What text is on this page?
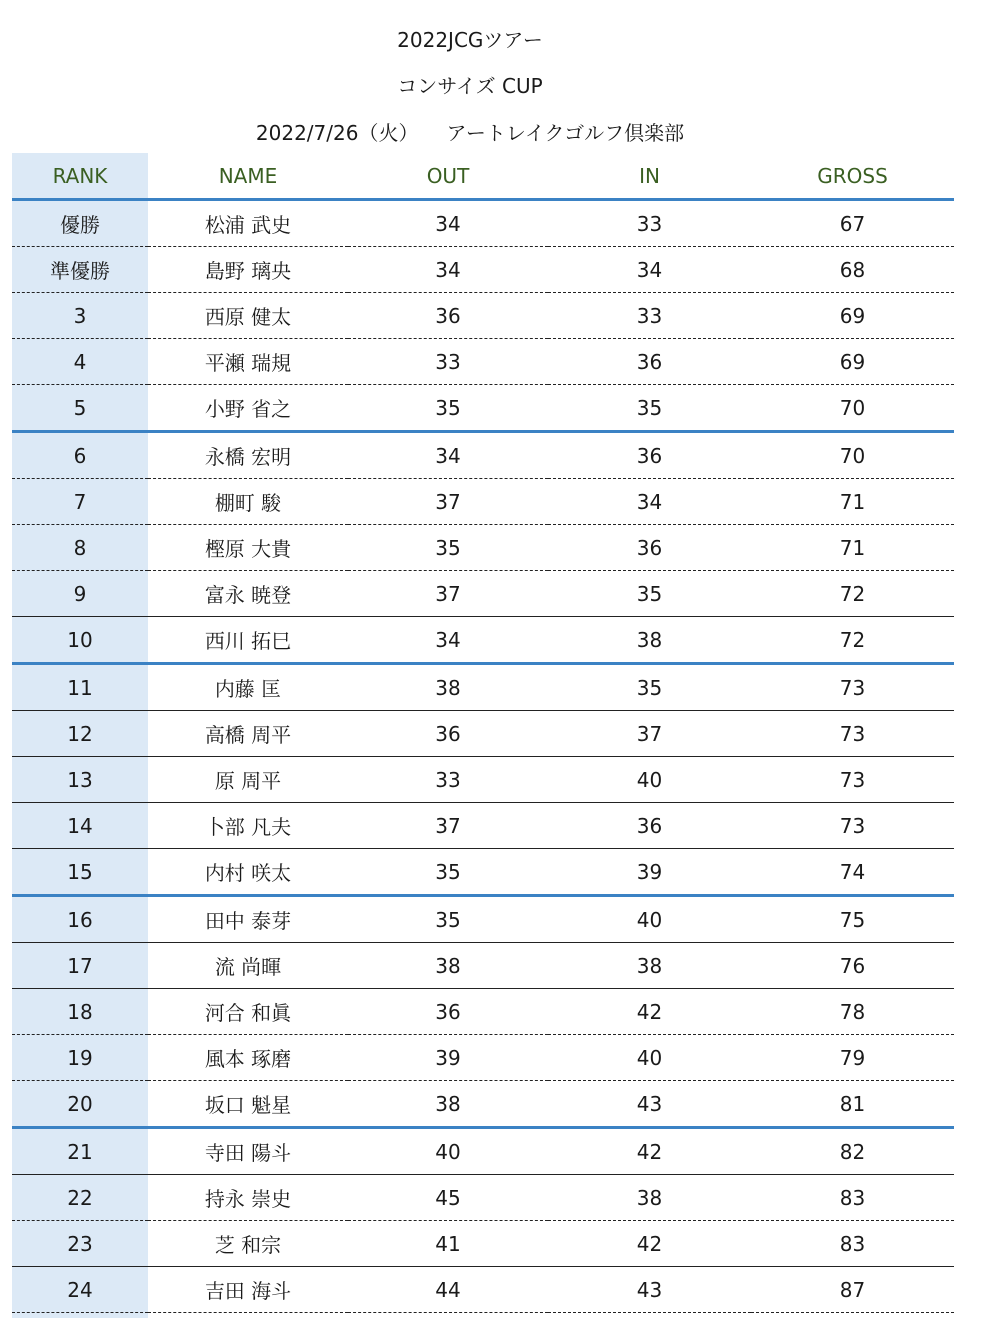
2022JCGツアー
コンサイズ CUP
2022/7/26（火） アートレイクゴルフ倶楽部
RANK	NAME	OUT	IN	GROSS
優勝	松浦 武史	34	33	67
準優勝	島野 璃央	34	34	68
3	西原 健太	36	33	69
4	平瀬 瑞規	33	36	69
5	小野 省之	35	35	70
6	永橋 宏明	34	36	70
7	棚町 駿	37	34	71
8	樫原 大貴	35	36	71
9	富永 暁登	37	35	72
10	西川 拓巳	34	38	72
11	内藤 匡	38	35	73
12	高橋 周平	36	37	73
13	原 周平	33	40	73
14	卜部 凡夫	37	36	73
15	内村 咲太	35	39	74
16	田中 泰芽	35	40	75
17	流 尚暉	38	38	76
18	河合 和眞	36	42	78
19	風本 琢磨	39	40	79
20	坂口 魁星	38	43	81
21	寺田 陽斗	40	42	82
22	持永 崇史	45	38	83
23	芝 和宗	41	42	83
24	吉田 海斗	44	43	87
